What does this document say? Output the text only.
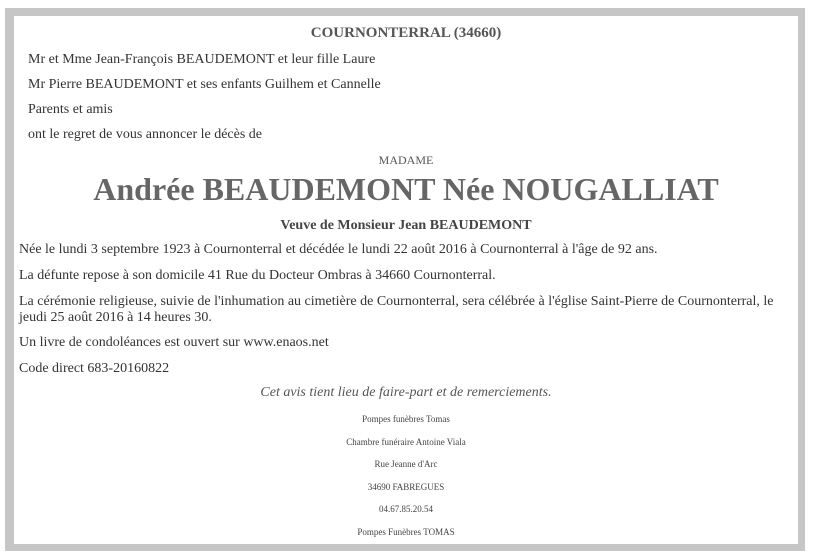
COURNONTERRAL (34660)
Mr et Mme Jean-François BEAUDEMONT et leur fille Laure
Mr Pierre BEAUDEMONT et ses enfants Guilhem et Cannelle
Parents et amis
ont le regret de vous annoncer le décès de
MADAME
Andrée BEAUDEMONT Née NOUGALLIAT
Veuve de Monsieur Jean BEAUDEMONT
Née le lundi 3 septembre 1923 à Cournonterral et décédée le lundi 22 août 2016 à Cournonterral à l'âge de 92 ans.
La défunte repose à son domicile 41 Rue du Docteur Ombras à 34660 Cournonterral.
La cérémonie religieuse, suivie de l'inhumation au cimetière de Cournonterral, sera célébrée à l'église Saint-Pierre de Cournonterral, le jeudi 25 août 2016 à 14 heures 30.
Un livre de condoléances est ouvert sur www.enaos.net
Code direct 683-20160822
Cet avis tient lieu de faire-part et de remerciements.
Pompes funèbres Tomas
Chambre funéraire Antoine Viala
Rue Jeanne d'Arc
34690 FABREGUES
04.67.85.20.54
Pompes Funèbres TOMAS
